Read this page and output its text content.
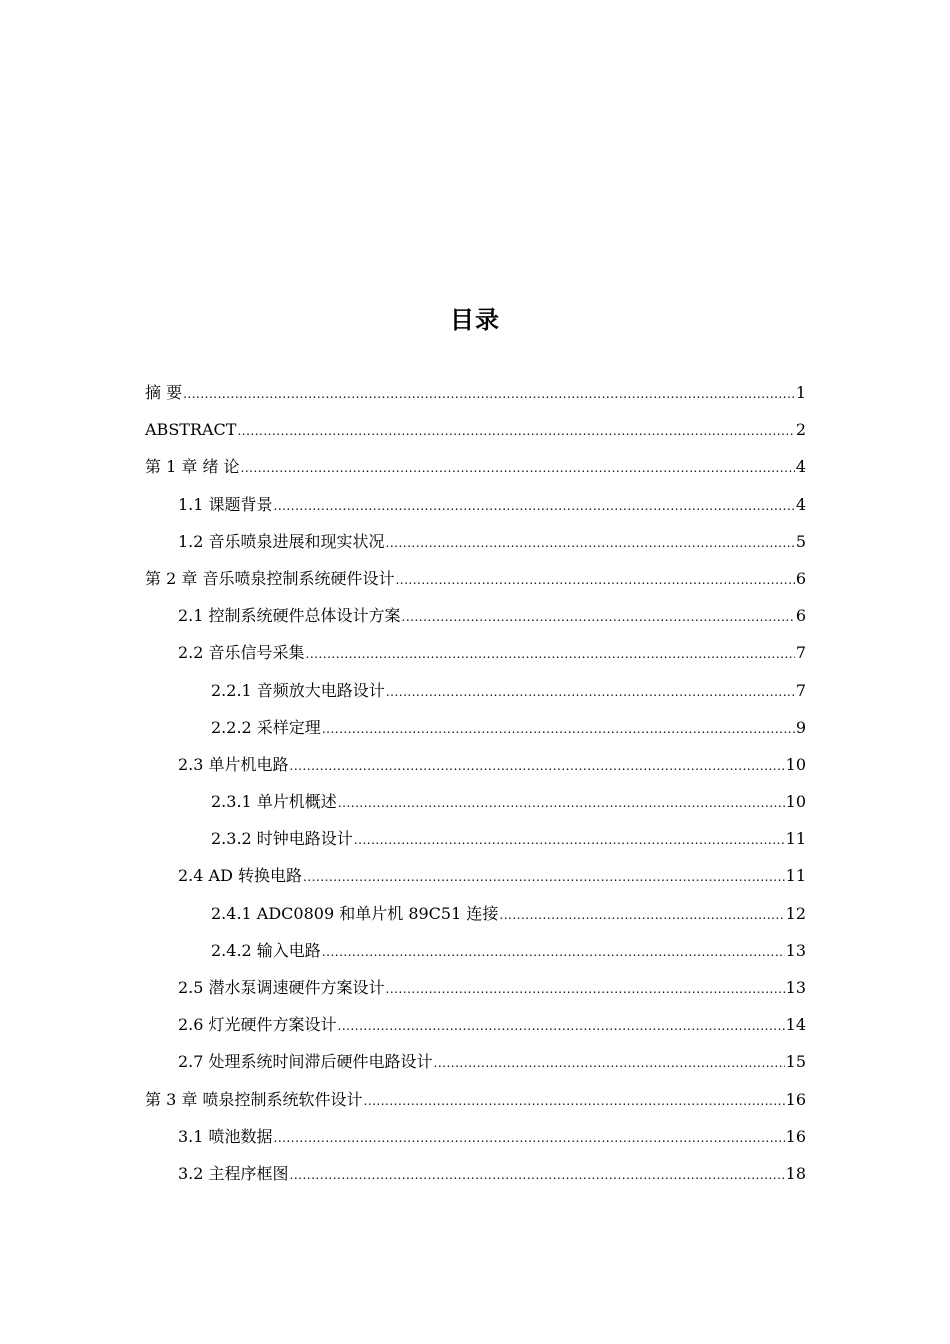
目录
摘 要 .....	1
ABSTRACT .....	2
第 1 章 绪 论 .....	4
1.1 课题背景 .....	4
1.2 音乐喷泉进展和现实状况 .....	5
第 2 章 音乐喷泉控制系统硬件设计 .....	6
2.1 控制系统硬件总体设计方案 .....	6
2.2 音乐信号采集 .....	7
2.2.1 音频放大电路设计 .....	7
2.2.2 采样定理 .....	9
2.3 单片机电路 .....	10
2.3.1 单片机概述 .....	10
2.3.2 时钟电路设计 .....	11
2.4 AD 转换电路 .....	11
2.4.1 ADC0809 和单片机 89C51 连接 .....	12
2.4.2 输入电路 .....	13
2.5 潜水泵调速硬件方案设计 .....	13
2.6 灯光硬件方案设计 .....	14
2.7 处理系统时间滞后硬件电路设计 .....	15
第 3 章 喷泉控制系统软件设计 .....	16
3.1 喷池数据 .....	16
3.2 主程序框图 .....	18
